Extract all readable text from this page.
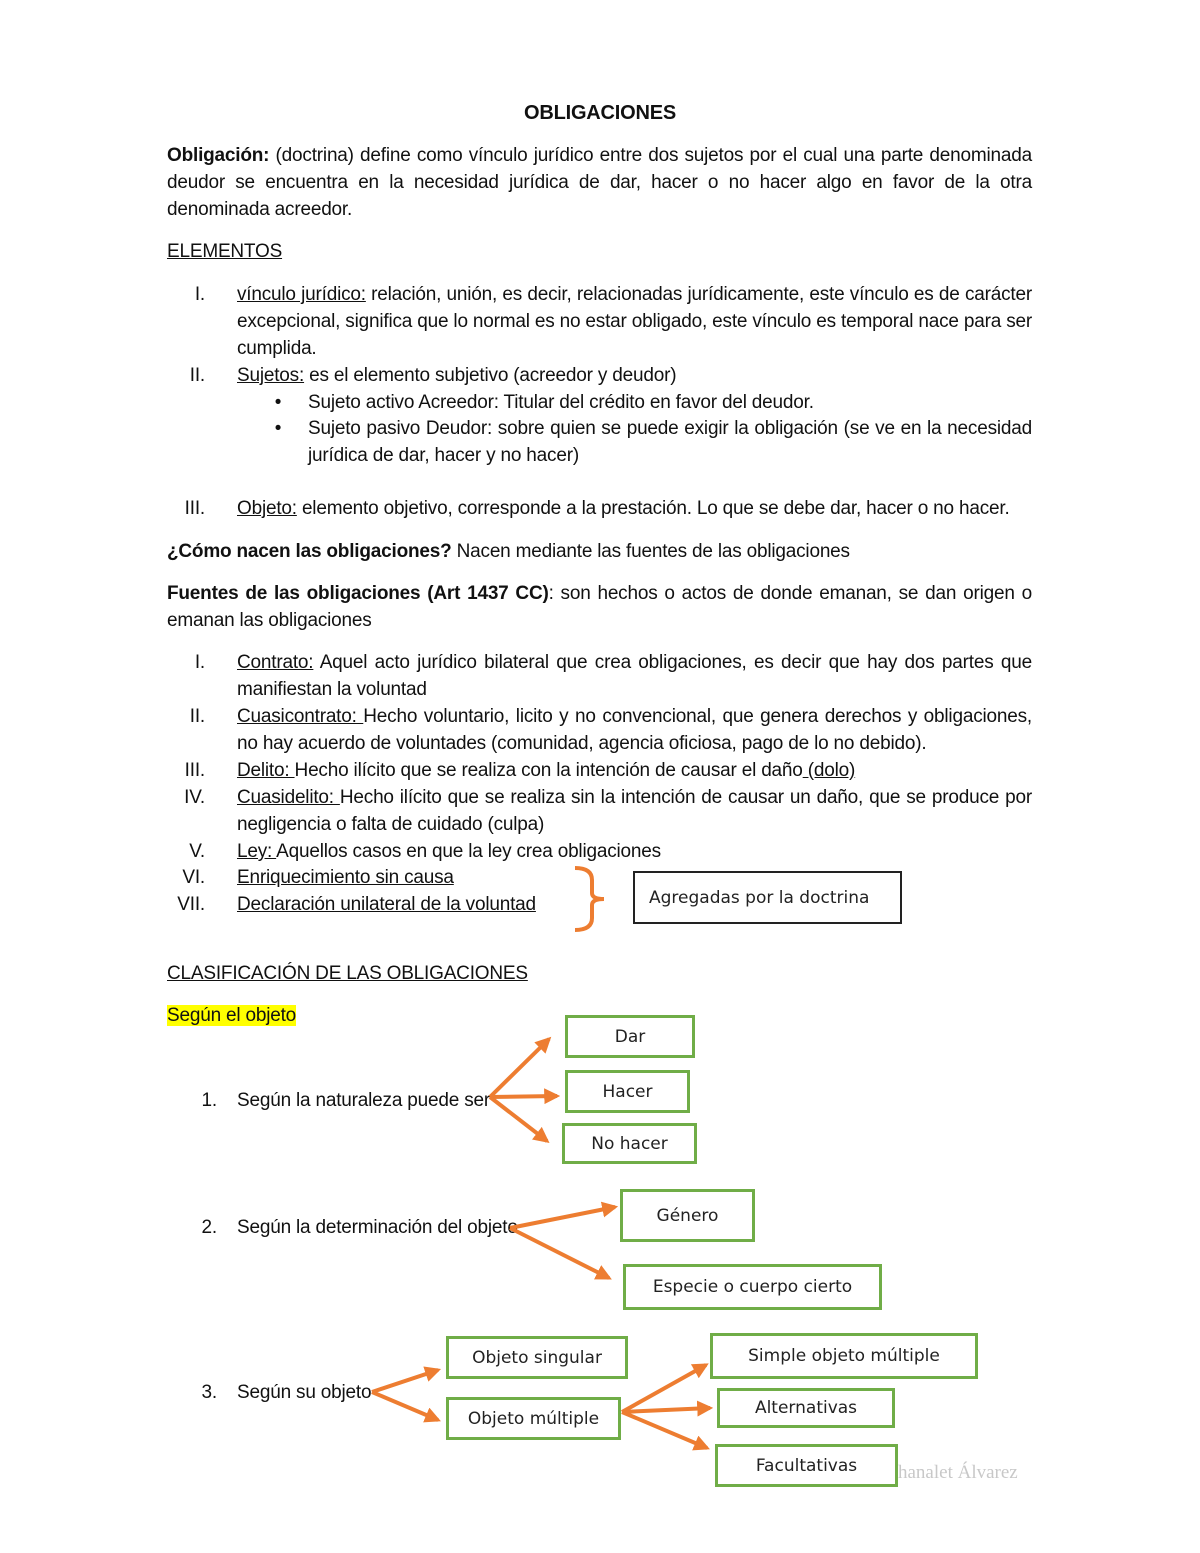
OBLIGACIONES
Obligación: (doctrina) define como vínculo jurídico entre dos sujetos por el cual una parte denominada deudor se encuentra en la necesidad jurídica de dar, hacer o no hacer algo en favor de la otra denominada acreedor.
ELEMENTOS
I. vínculo jurídico: relación, unión, es decir, relacionadas jurídicamente, este vínculo es de carácter excepcional, significa que lo normal es no estar obligado, este vínculo es temporal nace para ser cumplida.
II. Sujetos: es el elemento subjetivo (acreedor y deudor)
•	Sujeto activo Acreedor: Titular del crédito en favor del deudor.
•	Sujeto pasivo Deudor: sobre quien se puede exigir la obligación (se ve en la necesidad jurídica de dar, hacer y no hacer)
III. Objeto: elemento objetivo, corresponde a la prestación. Lo que se debe dar, hacer o no hacer.
¿Cómo nacen las obligaciones? Nacen mediante las fuentes de las obligaciones
Fuentes de las obligaciones (Art 1437 CC): son hechos o actos de donde emanan, se dan origen o emanan las obligaciones
I. Contrato: Aquel acto jurídico bilateral que crea obligaciones, es decir que hay dos partes que manifiestan la voluntad
II. Cuasicontrato: Hecho voluntario, licito y no convencional, que genera derechos y obligaciones, no hay acuerdo de voluntades (comunidad, agencia oficiosa, pago de lo no debido).
III. Delito: Hecho ilícito que se realiza con la intención de causar el daño (dolo)
IV. Cuasidelito: Hecho ilícito que se realiza sin la intención de causar un daño, que se produce por negligencia o falta de cuidado (culpa)
V. Ley: Aquellos casos en que la ley crea obligaciones
VI. Enriquecimiento sin causa
VII. Declaración unilateral de la voluntad	Agregadas por la doctrina
CLASIFICACIÓN DE LAS OBLIGACIONES
Según el objeto
1. Según la naturaleza puede ser
Dar
Hacer
No hacer
2. Según la determinación del objeto
Género
Especie o cuerpo cierto
3. Según su objeto
Objeto singular
Objeto múltiple
Simple objeto múltiple
Alternativas
hanalet Álvarez
Facultativas
